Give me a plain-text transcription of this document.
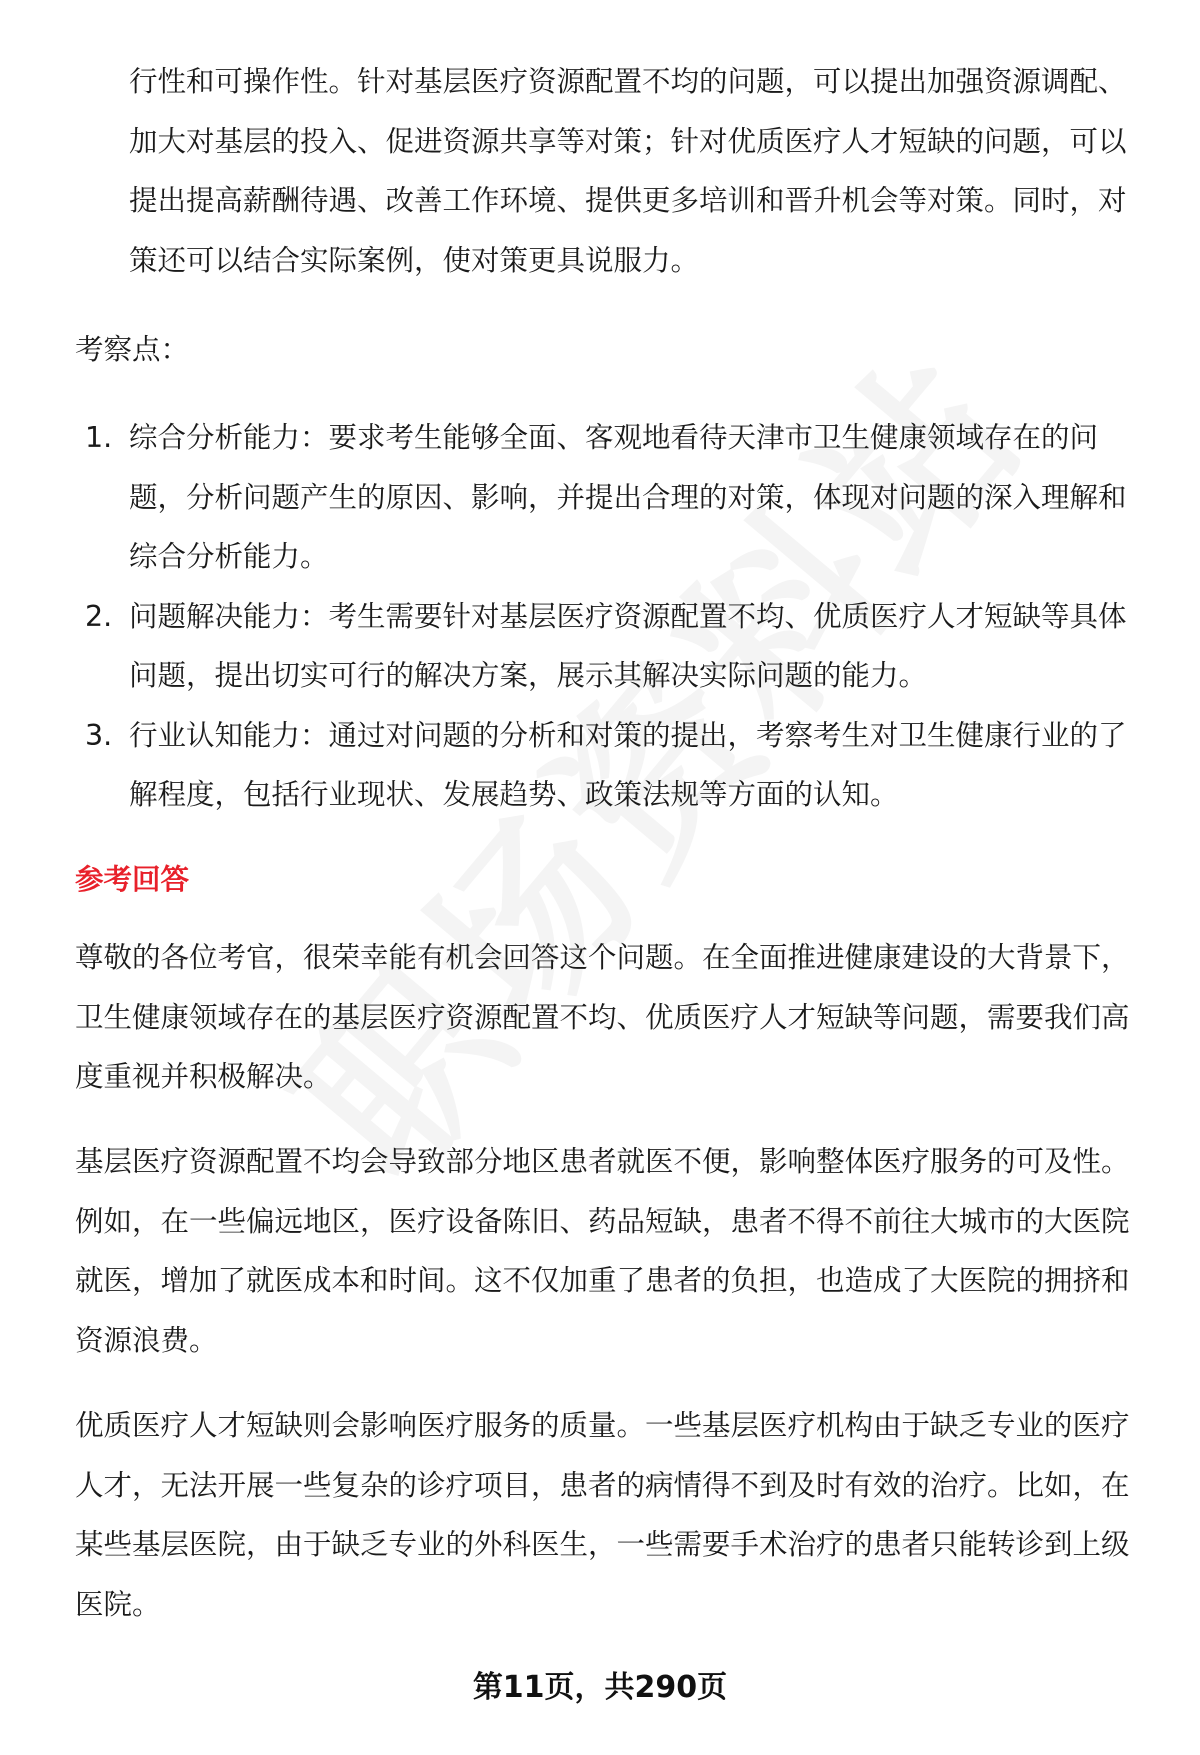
行性和可操作性。针对基层医疗资源配置不均的问题，可以提出加强资源调配、加大对基层的投入、促进资源共享等对策；针对优质医疗人才短缺的问题，可以提出提高薪酬待遇、改善工作环境、提供更多培训和晋升机会等对策。同时，对策还可以结合实际案例，使对策更具说服力。

考察点：

1. 综合分析能力：要求考生能够全面、客观地看待天津市卫生健康领域存在的问题，分析问题产生的原因、影响，并提出合理的对策，体现对问题的深入理解和综合分析能力。
2. 问题解决能力：考生需要针对基层医疗资源配置不均、优质医疗人才短缺等具体问题，提出切实可行的解决方案，展示其解决实际问题的能力。
3. 行业认知能力：通过对问题的分析和对策的提出，考察考生对卫生健康行业的了解程度，包括行业现状、发展趋势、政策法规等方面的认知。
参考回答

尊敬的各位考官，很荣幸能有机会回答这个问题。在全面推进健康建设的大背景下，卫生健康领域存在的基层医疗资源配置不均、优质医疗人才短缺等问题，需要我们高度重视并积极解决。

基层医疗资源配置不均会导致部分地区患者就医不便，影响整体医疗服务的可及性。例如，在一些偏远地区，医疗设备陈旧、药品短缺，患者不得不前往大城市的大医院就医，增加了就医成本和时间。这不仅加重了患者的负担，也造成了大医院的拥挤和资源浪费。

优质医疗人才短缺则会影响医疗服务的质量。一些基层医疗机构由于缺乏专业的医疗人才，无法开展一些复杂的诊疗项目，患者的病情得不到及时有效的治疗。比如，在某些基层医院，由于缺乏专业的外科医生，一些需要手术治疗的患者只能转诊到上级医院。

第11页，共290页
